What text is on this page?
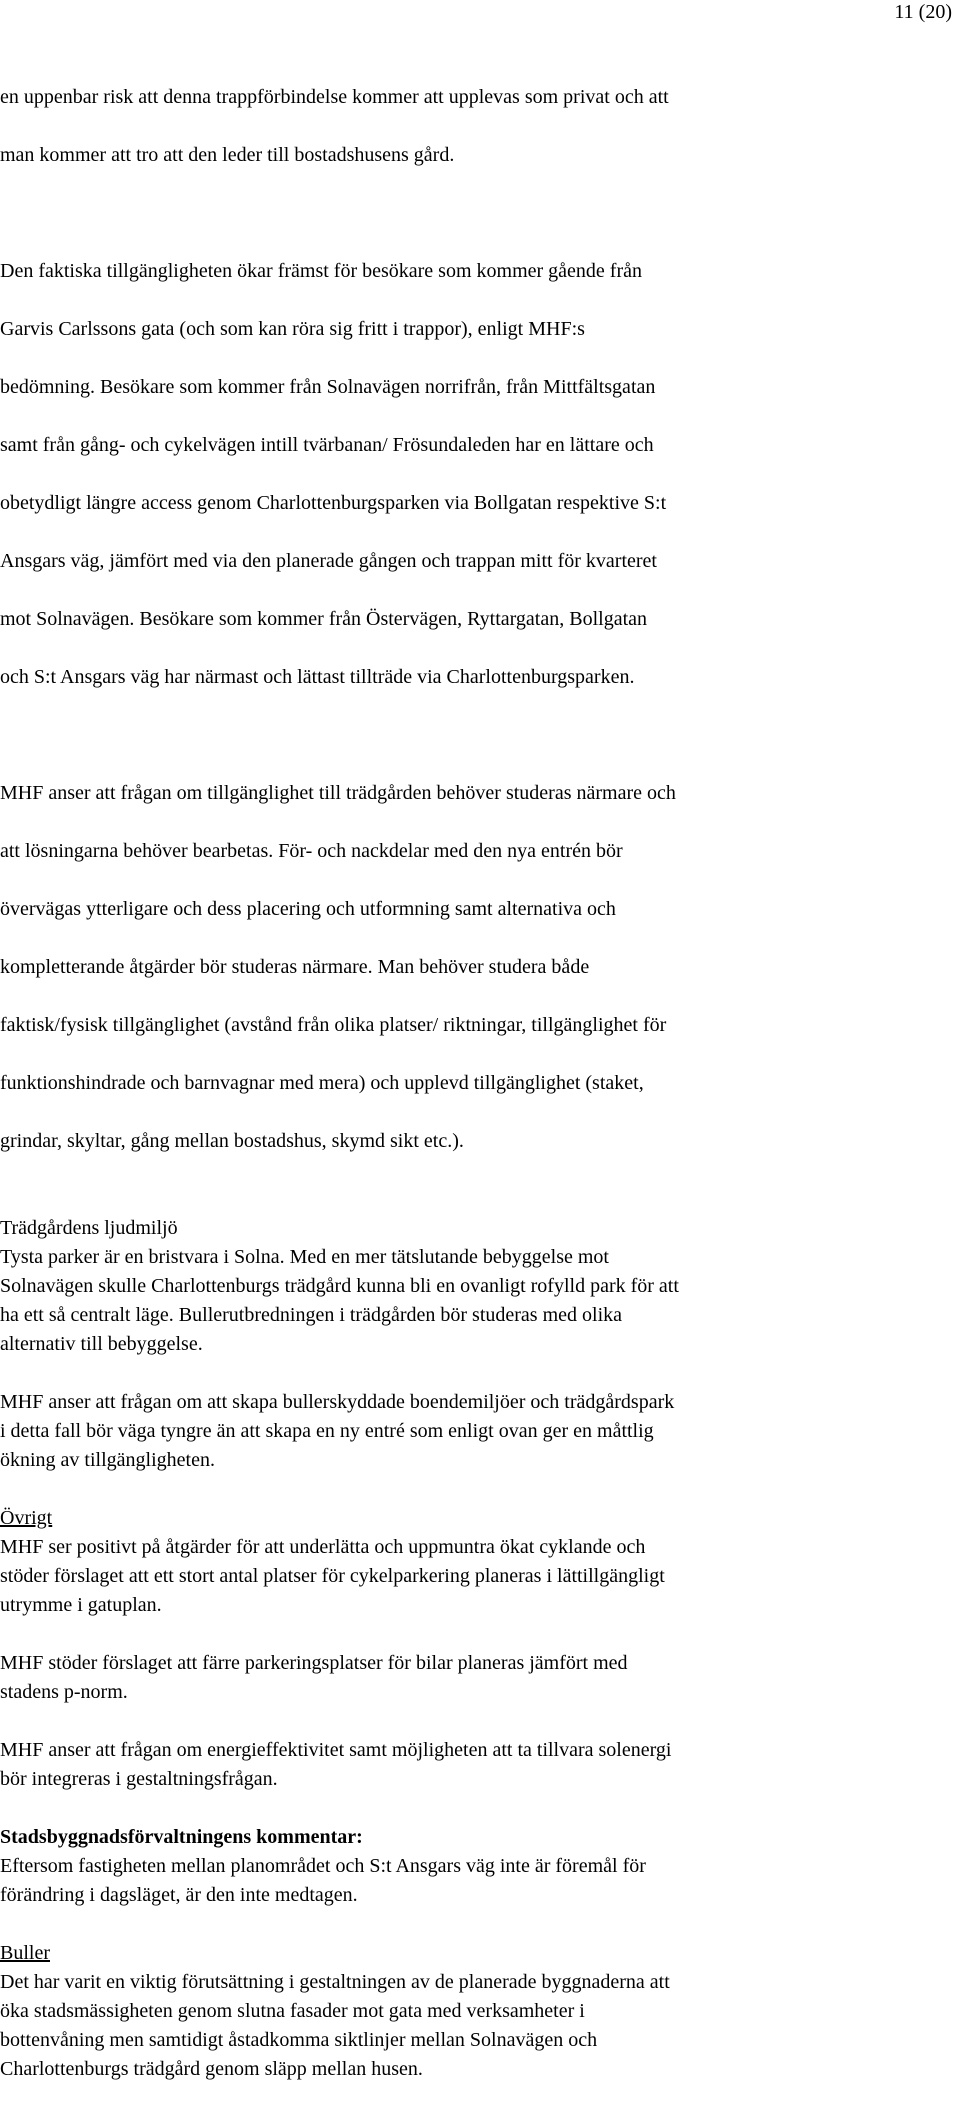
11 (20)

en uppenbar risk att denna trappförbindelse kommer att upplevas som privat och att

man kommer att tro att den leder till bostadshusens gård.

Den faktiska tillgängligheten ökar främst för besökare som kommer gående från

Garvis Carlssons gata (och som kan röra sig fritt i trappor), enligt MHF:s

bedömning. Besökare som kommer från Solnavägen norrifrån, från Mittfältsgatan

samt från gång- och cykelvägen intill tvärbanan/ Frösundaleden har en lättare och

obetydligt längre access genom Charlottenburgsparken via Bollgatan respektive S:t

Ansgars väg, jämfört med via den planerade gången och trappan mitt för kvarteret

mot Solnavägen. Besökare som kommer från Östervägen, Ryttargatan, Bollgatan

och S:t Ansgars väg har närmast och lättast tillträde via Charlottenburgsparken.

MHF anser att frågan om tillgänglighet till trädgården behöver studeras närmare och

att lösningarna behöver bearbetas. För- och nackdelar med den nya entrén bör

övervägas ytterligare och dess placering och utformning samt alternativa och

kompletterande åtgärder bör studeras närmare. Man behöver studera både

faktisk/fysisk tillgänglighet (avstånd från olika platser/ riktningar, tillgänglighet för

funktionshindrade och barnvagnar med mera) och upplevd tillgänglighet (staket,

grindar, skyltar, gång mellan bostadshus, skymd sikt etc.).

Trädgårdens ljudmiljö
Tysta parker är en bristvara i Solna. Med en mer tätslutande bebyggelse mot
Solnavägen skulle Charlottenburgs trädgård kunna bli en ovanligt rofylld park för att
ha ett så centralt läge. Bullerutbredningen i trädgården bör studeras med olika
alternativ till bebyggelse.
MHF anser att frågan om att skapa bullerskyddade boendemiljöer och trädgårdspark
i detta fall bör väga tyngre än att skapa en ny entré som enligt ovan ger en måttlig
ökning av tillgängligheten.
Övrigt
MHF ser positivt på åtgärder för att underlätta och uppmuntra ökat cyklande och
stöder förslaget att ett stort antal platser för cykelparkering planeras i lättillgängligt
utrymme i gatuplan.
MHF stöder förslaget att färre parkeringsplatser för bilar planeras jämfört med
stadens p-norm.
MHF anser att frågan om energieffektivitet samt möjligheten att ta tillvara solenergi
bör integreras i gestaltningsfrågan.
Stadsbyggnadsförvaltningens kommentar:
Eftersom fastigheten mellan planområdet och S:t Ansgars väg inte är föremål för
förändring i dagsläget, är den inte medtagen.
Buller
Det har varit en viktig förutsättning i gestaltningen av de planerade byggnaderna att
öka stadsmässigheten genom slutna fasader mot gata med verksamheter i
bottenvåning men samtidigt åstadkomma siktlinjer mellan Solnavägen och
Charlottenburgs trädgård genom släpp mellan husen.
